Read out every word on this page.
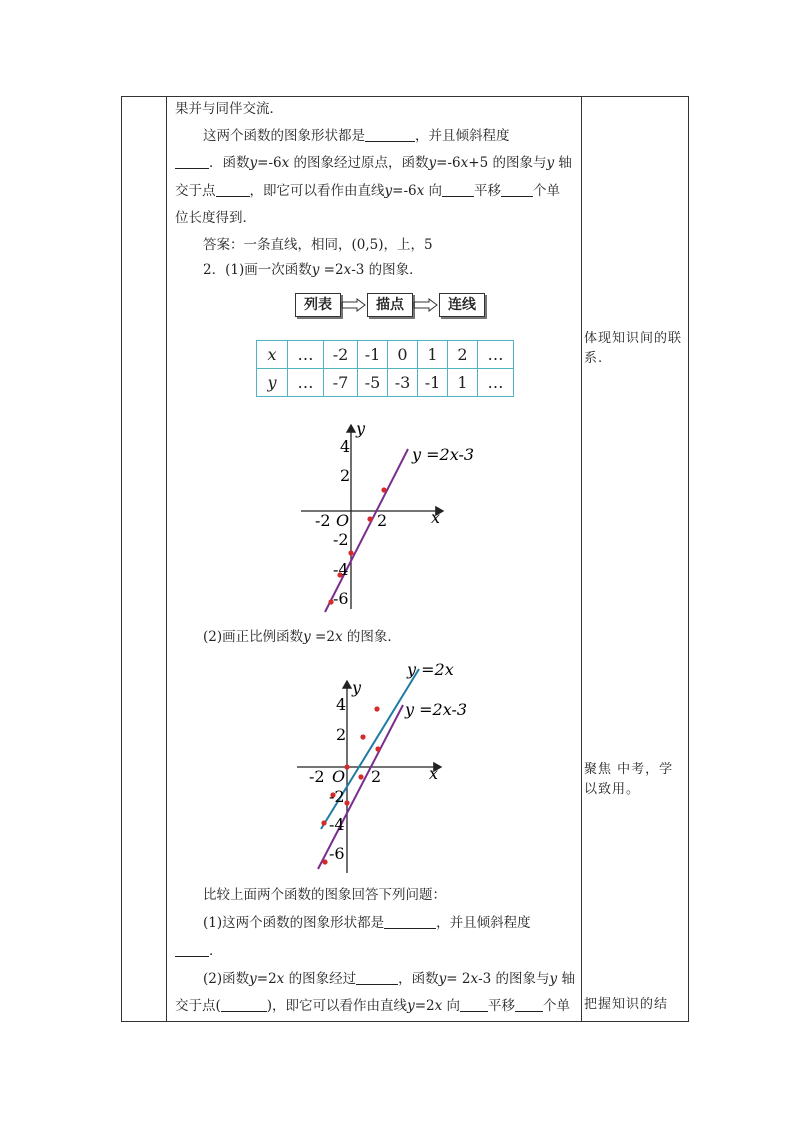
果并与同伴交流．
这两个函数的图象形状都是	，并且倾斜程度
．函数y=-6x 的图象经过原点，函数y=-6x+5 的图象与y 轴
交于点	，即它可以看作由直线y=-6x 向 平移 个单
位长度得到．
答案：一条直线，相同，(0,5)，上，5
2．(1)画一次函数y =2x-3 的图象．
列表	描点	连线
x	…	-2	-1	0	1	2	…
y	…	-7	-5	-3	-1	1	…
y
x
O
4
2
-2
-4
-6
-2	2
y =2x-3
(2)画正比例函数y =2x 的图象．
y
x
O
4
2
-2
-4
-6
-2	2
y =2x
y =2x-3
比较上面两个函数的图象回答下列问题：
(1)这两个函数的图象形状都是	，并且倾斜程度
．
(2)函数y=2x 的图象经过	，函数y= 2x-3 的图象与y 轴
交于点(	)，即它可以看作由直线y=2x 向 平移 个单
体现知识间的联系.
聚焦 中考，学以致用。
把握知识的结
